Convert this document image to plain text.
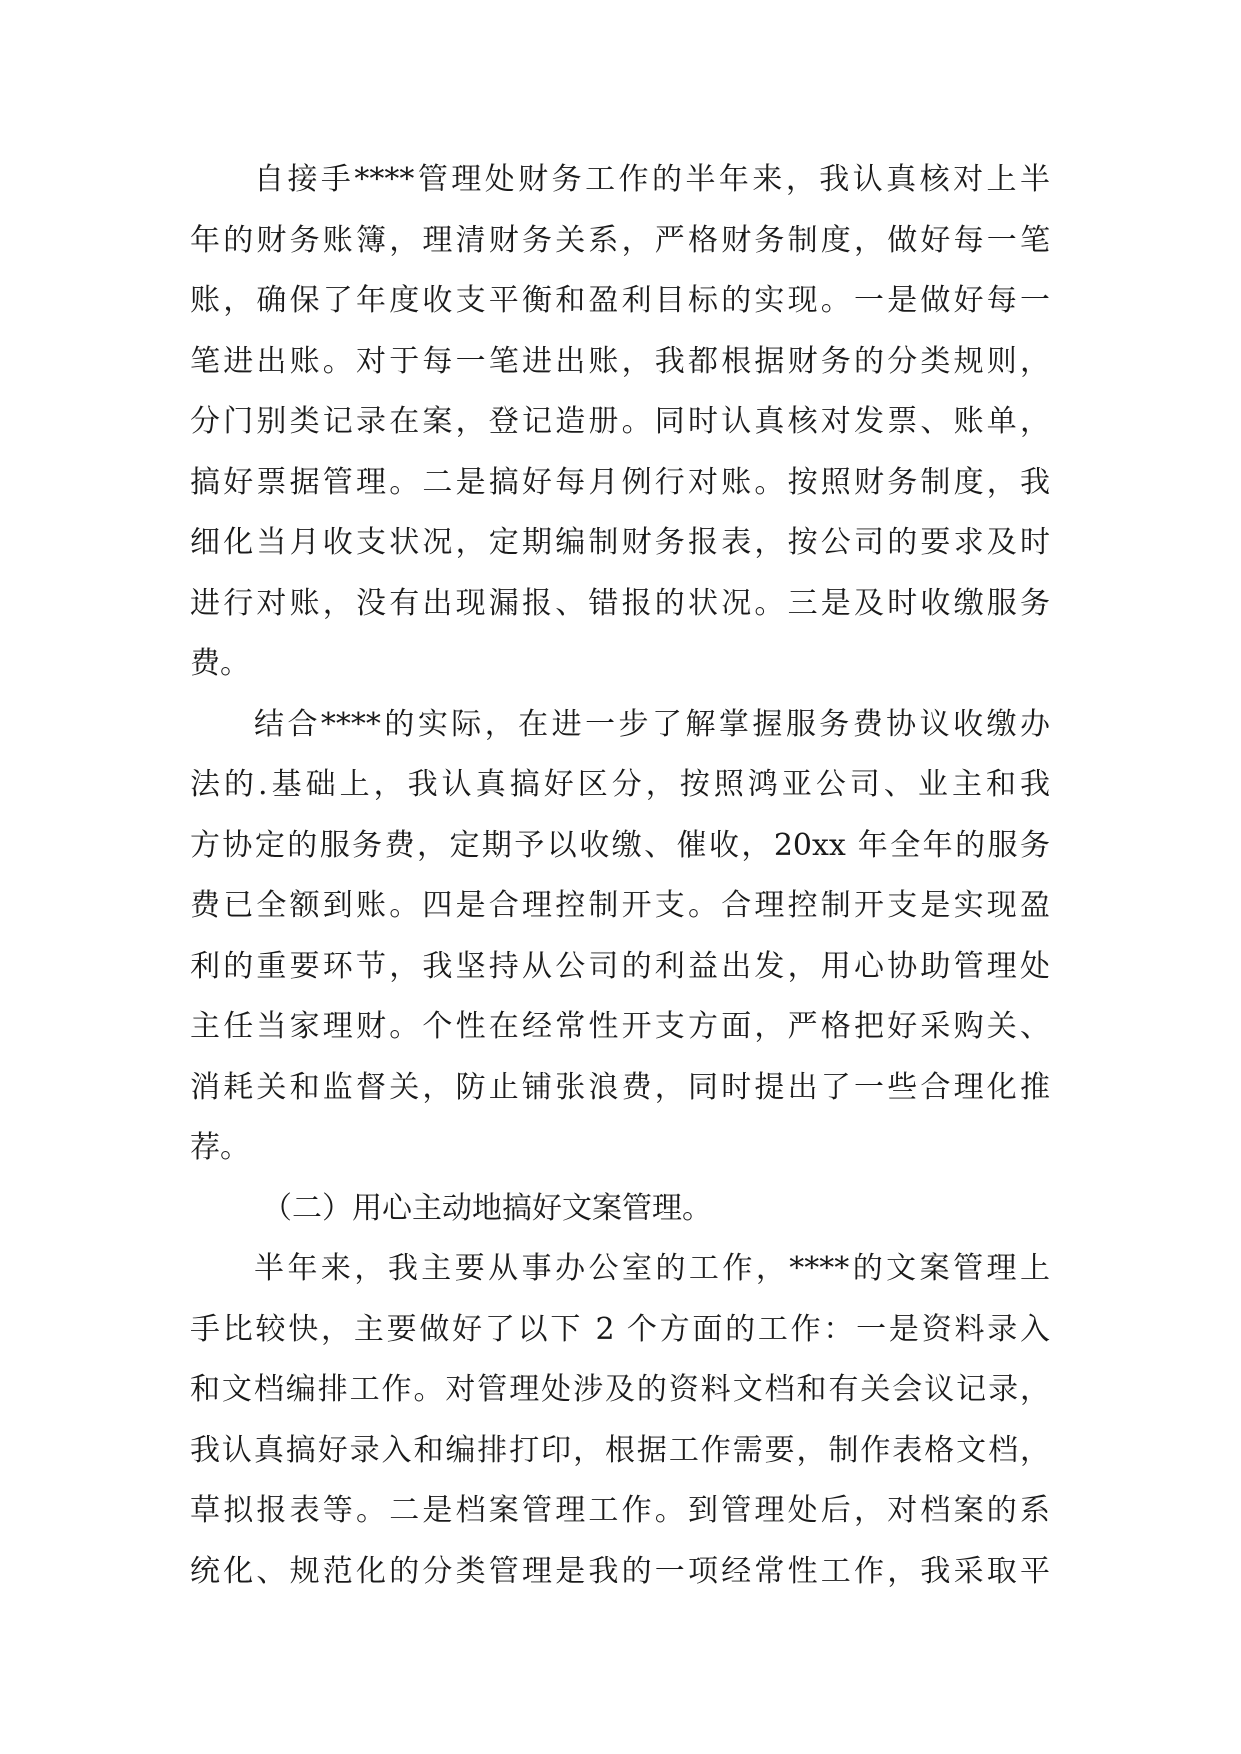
自接手****管理处财务工作的半年来，我认真核对上半
年的财务账簿，理清财务关系，严格财务制度，做好每一笔
账，确保了年度收支平衡和盈利目标的实现。一是做好每一
笔进出账。对于每一笔进出账，我都根据财务的分类规则，
分门别类记录在案，登记造册。同时认真核对发票、账单，
搞好票据管理。二是搞好每月例行对账。按照财务制度，我
细化当月收支状况，定期编制财务报表，按公司的要求及时
进行对账，没有出现漏报、错报的状况。三是及时收缴服务
费。
结合****的实际，在进一步了解掌握服务费协议收缴办
法的.基础上，我认真搞好区分，按照鸿亚公司、业主和我
方协定的服务费，定期予以收缴、催收，20xx 年全年的服务
费已全额到账。四是合理控制开支。合理控制开支是实现盈
利的重要环节，我坚持从公司的利益出发，用心协助管理处
主任当家理财。个性在经常性开支方面，严格把好采购关、
消耗关和监督关，防止铺张浪费，同时提出了一些合理化推
荐。
（二）用心主动地搞好文案管理。
半年来，我主要从事办公室的工作，****的文案管理上
手比较快，主要做好了以下 2 个方面的工作：一是资料录入
和文档编排工作。对管理处涉及的资料文档和有关会议记录，
我认真搞好录入和编排打印，根据工作需要，制作表格文档，
草拟报表等。二是档案管理工作。到管理处后，对档案的系
统化、规范化的分类管理是我的一项经常性工作，我采取平
